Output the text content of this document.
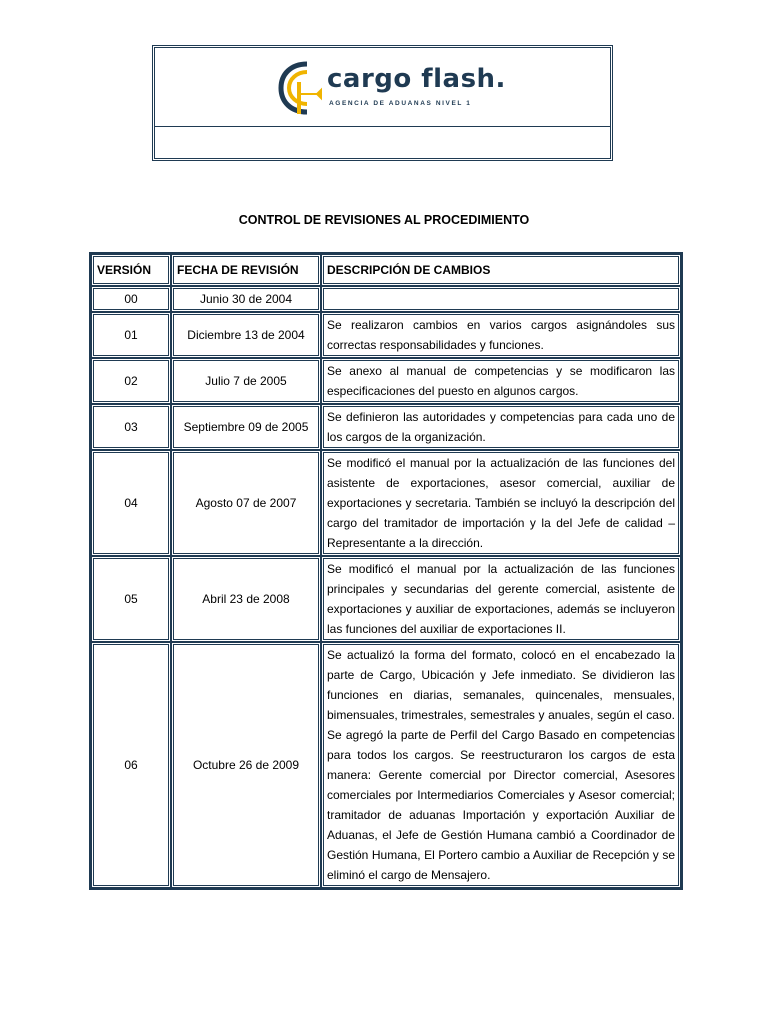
cargo flash.
AGENCIA DE ADUANAS NIVEL 1
CONTROL DE REVISIONES AL PROCEDIMIENTO
VERSIÓN	FECHA DE REVISIÓN	DESCRIPCIÓN DE CAMBIOS
00	Junio 30 de 2004	
01	Diciembre 13 de 2004	Se realizaron cambios en varios cargos asignándoles sus correctas responsabilidades y funciones.
02	Julio 7 de 2005	Se anexo al manual de competencias y se modificaron las especificaciones del puesto en algunos cargos.
03	Septiembre 09 de 2005	Se definieron las autoridades y competencias para cada uno de los cargos de la organización.
04	Agosto 07 de 2007	Se modificó el manual por la actualización de las funciones del asistente de exportaciones, asesor comercial, auxiliar de exportaciones y secretaria. También se incluyó la descripción del cargo del tramitador de importación y la del Jefe de calidad – Representante a la dirección.
05	Abril 23 de 2008	Se modificó el manual por la actualización de las funciones principales y secundarias del gerente comercial, asistente de exportaciones y auxiliar de exportaciones, además se incluyeron las funciones del auxiliar de exportaciones II.
06	Octubre 26 de 2009	Se actualizó la forma del formato, colocó en el encabezado la parte de Cargo, Ubicación y Jefe inmediato. Se dividieron las funciones en diarias, semanales, quincenales, mensuales, bimensuales, trimestrales, semestrales y anuales, según el caso. Se agregó la parte de Perfil del Cargo Basado en competencias para todos los cargos. Se reestructuraron los cargos de esta manera: Gerente comercial por Director comercial, Asesores comerciales por Intermediarios Comerciales y Asesor comercial; tramitador de aduanas Importación y exportación Auxiliar de Aduanas, el Jefe de Gestión Humana cambió a Coordinador de Gestión Humana, El Portero cambio a Auxiliar de Recepción y se eliminó el cargo de Mensajero.
